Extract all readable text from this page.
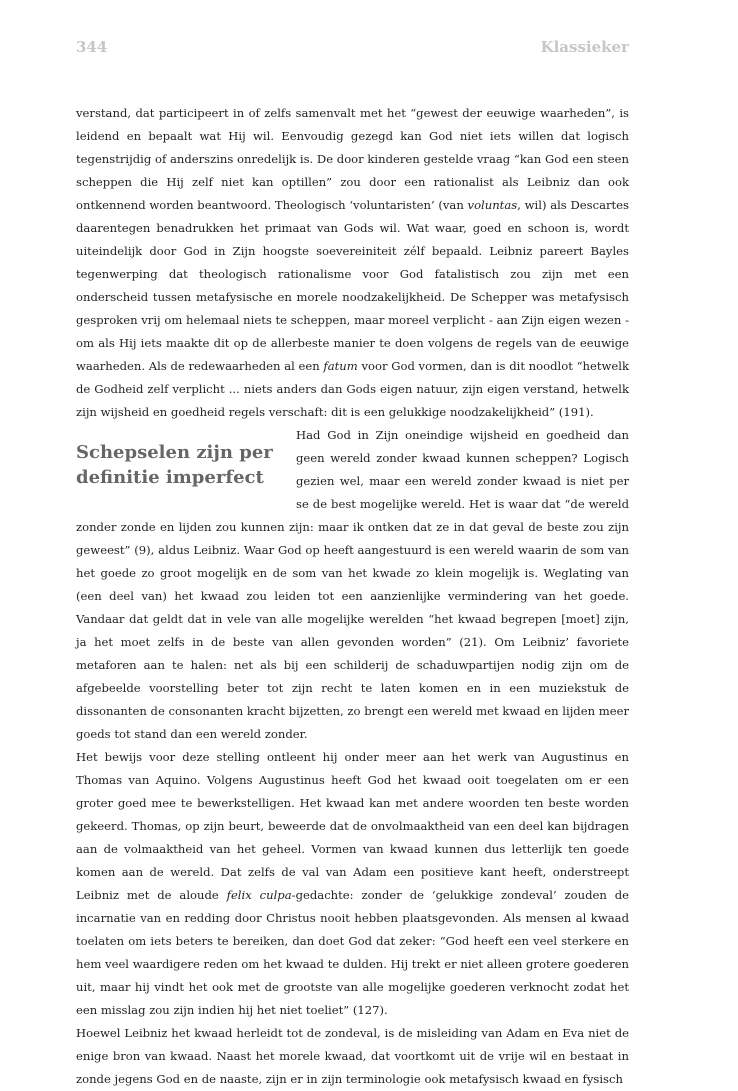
344	Klassieker

verstand, dat participeert in of zelfs samenvalt met het “gewest der eeuwige waarheden”, is leidend en bepaalt wat Hij wil. Eenvoudig gezegd kan God niet iets willen dat logisch tegenstrijdig of anderszins onredelijk is. De door kinderen gestelde vraag “kan God een steen scheppen die Hij zelf niet kan optillen” zou door een rationalist als Leibniz dan ook ontkennend worden beantwoord. Theologisch ‘voluntaristen’ (van voluntas, wil) als Descartes daarentegen benadrukken het primaat van Gods wil. Wat waar, goed en schoon is, wordt uiteindelijk door God in Zijn hoogste soevereiniteit zélf bepaald. Leibniz pareert Bayles tegenwerping dat theologisch rationalisme voor God fatalistisch zou zijn met een onderscheid tussen metafysische en morele noodzakelijkheid. De Schepper was metafysisch gesproken vrij om helemaal niets te scheppen, maar moreel verplicht - aan Zijn eigen wezen - om als Hij iets maakte dit op de allerbeste manier te doen volgens de regels van de eeuwige waarheden. Als de redewaarheden al een fatum voor God vormen, dan is dit noodlot “hetwelk de Godheid zelf verplicht ... niets anders dan Gods eigen natuur, zijn eigen verstand, hetwelk zijn wijsheid en goedheid regels verschaft: dit is een gelukkige noodzakelijkheid” (191).

Schepselen zijn per definitie imperfect

Had God in Zijn oneindige wijsheid en goedheid dan geen wereld zonder kwaad kunnen scheppen? Logisch gezien wel, maar een wereld zonder kwaad is niet per se de best mogelijke wereld. Het is waar dat “de wereld zonder zonde en lijden zou kunnen zijn: maar ik ontken dat ze in dat geval de beste zou zijn geweest” (9), aldus Leibniz. Waar God op heeft aangestuurd is een wereld waarin de som van het goede zo groot mogelijk en de som van het kwade zo klein mogelijk is. Weglating van (een deel van) het kwaad zou leiden tot een aanzienlijke vermindering van het goede. Vandaar dat geldt dat in vele van alle mogelijke werelden “het kwaad begrepen [moet] zijn, ja het moet zelfs in de beste van allen gevonden worden” (21). Om Leibniz’ favoriete metaforen aan te halen: net als bij een schilderij de schaduwpartijen nodig zijn om de afgebeelde voorstelling beter tot zijn recht te laten komen en in een muziekstuk de dissonanten de consonanten kracht bijzetten, zo brengt een wereld met kwaad en lijden meer goeds tot stand dan een wereld zonder.

Het bewijs voor deze stelling ontleent hij onder meer aan het werk van Augustinus en Thomas van Aquino. Volgens Augustinus heeft God het kwaad ooit toegelaten om er een groter goed mee te bewerkstelligen. Het kwaad kan met andere woorden ten beste worden gekeerd. Thomas, op zijn beurt, beweerde dat de onvolmaaktheid van een deel kan bijdragen aan de volmaaktheid van het geheel. Vormen van kwaad kunnen dus letterlijk ten goede komen aan de wereld. Dat zelfs de val van Adam een positieve kant heeft, onderstreept Leibniz met de aloude felix culpa-gedachte: zonder de ‘gelukkige zondeval’ zouden de incarnatie van en redding door Christus nooit hebben plaatsgevonden. Als mensen al kwaad toelaten om iets beters te bereiken, dan doet God dat zeker: “God heeft een veel sterkere en hem veel waardigere reden om het kwaad te dulden. Hij trekt er niet alleen grotere goederen uit, maar hij vindt het ook met de grootste van alle mogelijke goederen verknocht zodat het een misslag zou zijn indien hij het niet toeliet” (127).

Hoewel Leibniz het kwaad herleidt tot de zondeval, is de misleiding van Adam en Eva niet de enige bron van kwaad. Naast het morele kwaad, dat voortkomt uit de vrije wil en bestaat in zonde jegens God en de naaste, zijn er in zijn terminologie ook metafysisch kwaad en fysisch
